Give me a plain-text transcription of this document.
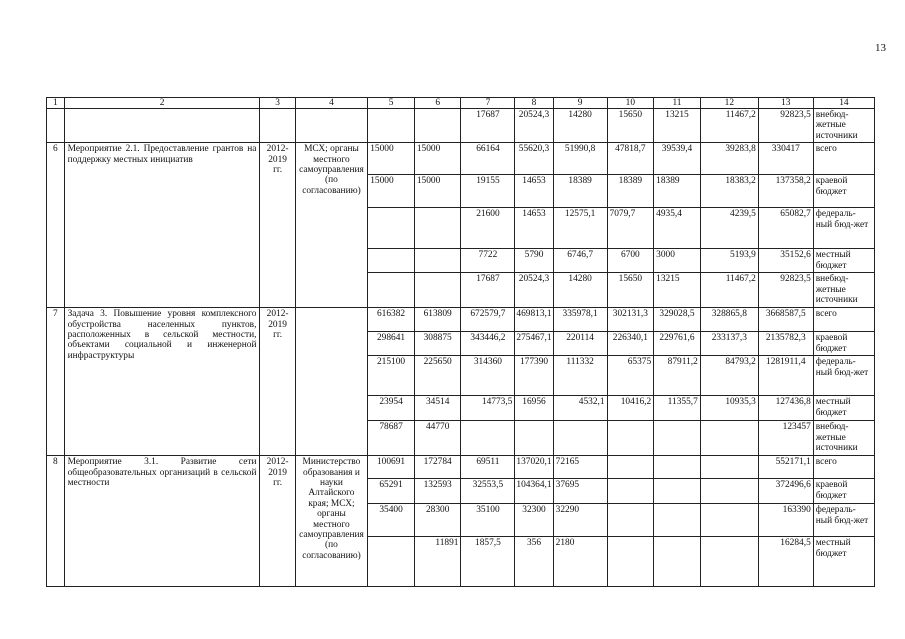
13
1	2	3	4	5	6	7	8	9	10	11	12	13	14
						17687	20524,3	14280	15650	13215	11467,2	92823,5	внебюд-жетные источники
6	Мероприятие 2.1. Предоставление грантов на поддержку местных инициатив	2012-2019 гг.	МСХ; органы местного самоуправления (по согласованию)	15000	15000	66164	55620,3	51990,8	47818,7	39539,4	39283,8	330417	всего
				15000	15000	19155	14653	18389	18389	18389	18383,2	137358,2	краевой бюджет
						21600	14653	12575,1	7079,7	4935,4	4239,5	65082,7	федераль-ный бюд-жет
						7722	5790	6746,7	6700	3000	5193,9	35152,6	местный бюджет
						17687	20524,3	14280	15650	13215	11467,2	92823,5	внебюд-жетные источники
7	Задача 3. Повышение уровня комплексного обустройства населенных пунктов, расположенных в сельской местности, объектами социальной и инженерной инфраструктуры	2012-2019 гг.		616382	613809	672579,7	469813,1	335978,1	302131,3	329028,5	328865,8	3668587,5	всего
				298641	308875	343446,2	275467,1	220114	226340,1	229761,6	233137,3	2135782,3	краевой бюджет
				215100	225650	314360	177390	111332	65375	87911,2	84793,2	1281911,4	федераль-ный бюд-жет
				23954	34514	14773,5	16956	4532,1	10416,2	11355,7	10935,3	127436,8	местный бюджет
				78687	44770							123457	внебюд-жетные источники
8	Мероприятие 3.1. Развитие сети общеобразовательных организаций в сельской местности	2012-2019 гг.	Министерство образования и науки Алтайского края; МСХ; органы местного самоуправления (по согласованию)	100691	172784	69511	137020,1	72165				552171,1	всего
				65291	132593	32553,5	104364,1	37695				372496,6	краевой бюджет
				35400	28300	35100	32300	32290				163390	федераль-ный бюд-жет
					11891	1857,5	356	2180				16284,5	местный бюджет
